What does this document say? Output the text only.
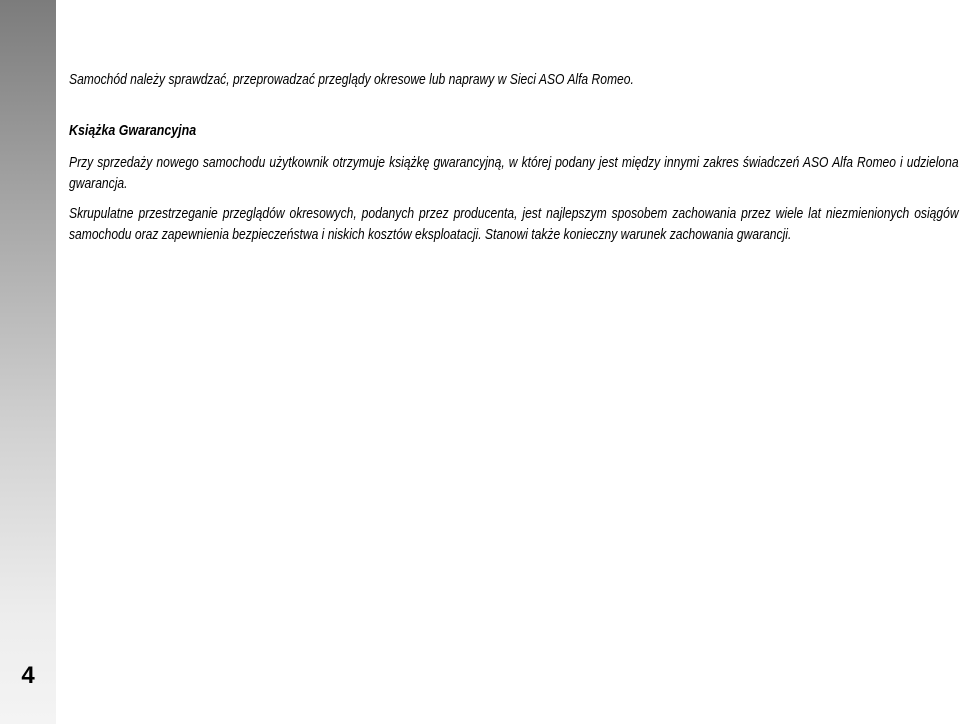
4

Samochód należy sprawdzać, przeprowadzać przeglądy okresowe lub naprawy w Sieci ASO Alfa Romeo.

Książka Gwarancyjna

Przy sprzedaży nowego samochodu użytkownik otrzymuje książkę gwarancyjną, w której podany jest między innymi zakres świadczeń ASO Alfa Romeo i udzielona gwarancja.

Skrupulatne przestrzeganie przeglądów okresowych, podanych przez producenta, jest najlepszym sposobem zachowania przez wiele lat niezmienionych osiągów samochodu oraz zapewnienia bezpieczeństwa i niskich kosztów eksploatacji. Stanowi także konieczny warunek zachowania gwarancji.
